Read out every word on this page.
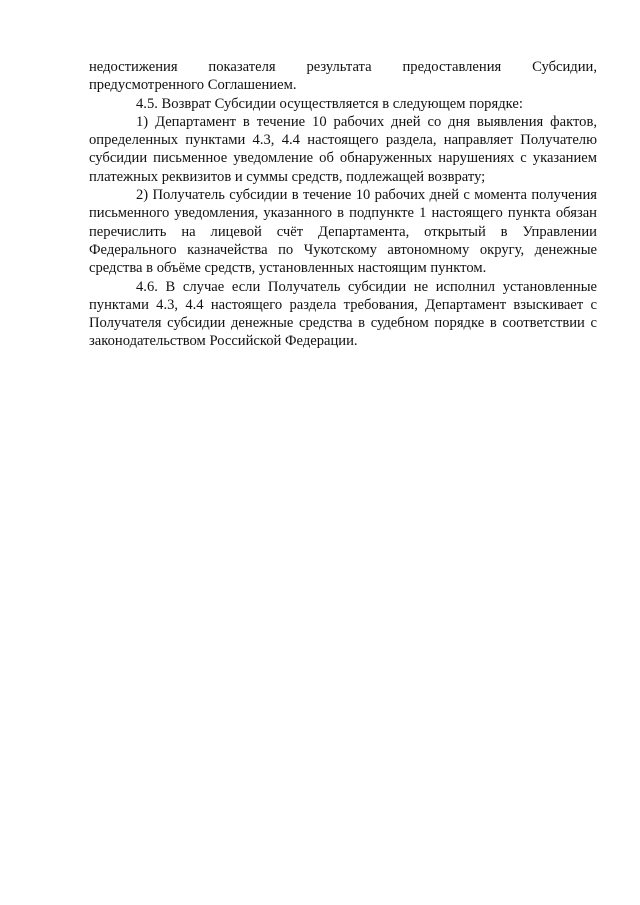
недостижения показателя результата предоставления Субсидии, предусмотренного Соглашением.

4.5. Возврат Субсидии осуществляется в следующем порядке:

1) Департамент в течение 10 рабочих дней со дня выявления фактов, определенных пунктами 4.3, 4.4 настоящего раздела, направляет Получателю субсидии письменное уведомление об обнаруженных нарушениях с указанием платежных реквизитов и суммы средств, подлежащей возврату;

2) Получатель субсидии в течение 10 рабочих дней с момента получения письменного уведомления, указанного в подпункте 1 настоящего пункта обязан перечислить на лицевой счёт Департамента, открытый в Управлении Федерального казначейства по Чукотскому автономному округу, денежные средства в объёме средств, установленных настоящим пунктом.

4.6. В случае если Получатель субсидии не исполнил установленные пунктами 4.3, 4.4 настоящего раздела требования, Департамент взыскивает с Получателя субсидии денежные средства в судебном порядке в соответствии с законодательством Российской Федерации.
